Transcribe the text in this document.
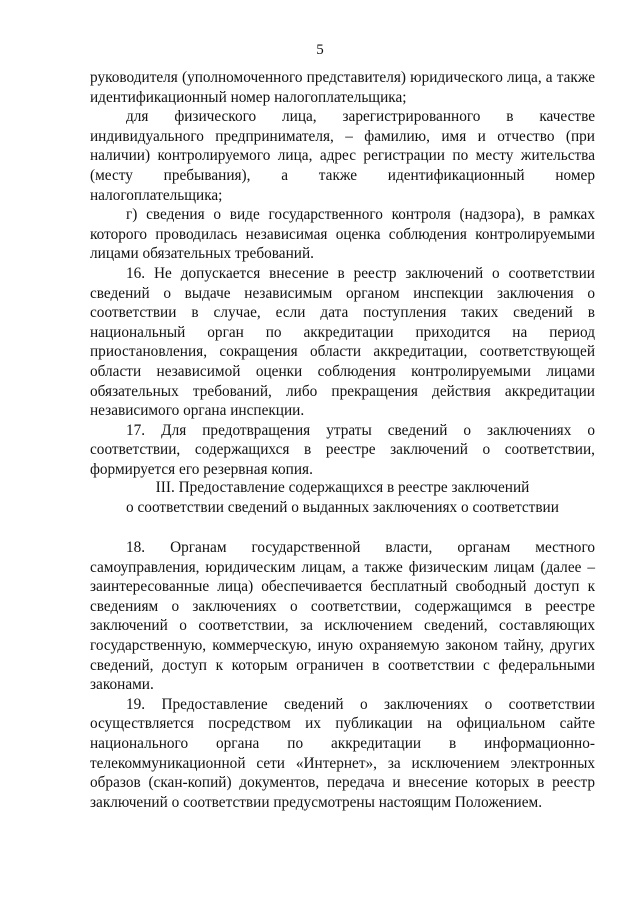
5

руководителя (уполномоченного представителя) юридического лица, а также идентификационный номер налогоплательщика;

для физического лица, зарегистрированного в качестве индивидуального предпринимателя, – фамилию, имя и отчество (при наличии) контролируемого лица, адрес регистрации по месту жительства (месту пребывания), а также идентификационный номер налогоплательщика;

г) сведения о виде государственного контроля (надзора), в рамках которого проводилась независимая оценка соблюдения контролируемыми лицами обязательных требований.

16. Не допускается внесение в реестр заключений о соответствии сведений о выдаче независимым органом инспекции заключения о соответствии в случае, если дата поступления таких сведений в национальный орган по аккредитации приходится на период приостановления, сокращения области аккредитации, соответствующей области независимой оценки соблюдения контролируемыми лицами обязательных требований, либо прекращения действия аккредитации независимого органа инспекции.

17. Для предотвращения утраты сведений о заключениях о соответствии, содержащихся в реестре заключений о соответствии, формируется его резервная копия.

III. Предоставление содержащихся в реестре заключений
о соответствии сведений о выданных заключениях о соответствии

18. Органам государственной власти, органам местного самоуправления, юридическим лицам, а также физическим лицам (далее – заинтересованные лица) обеспечивается бесплатный свободный доступ к сведениям о заключениях о соответствии, содержащимся в реестре заключений о соответствии, за исключением сведений, составляющих государственную, коммерческую, иную охраняемую законом тайну, других сведений, доступ к которым ограничен в соответствии с федеральными законами.

19. Предоставление сведений о заключениях о соответствии осуществляется посредством их публикации на официальном сайте национального органа по аккредитации в информационно-телекоммуникационной сети «Интернет», за исключением электронных образов (скан-копий) документов, передача и внесение которых в реестр заключений о соответствии предусмотрены настоящим Положением.
